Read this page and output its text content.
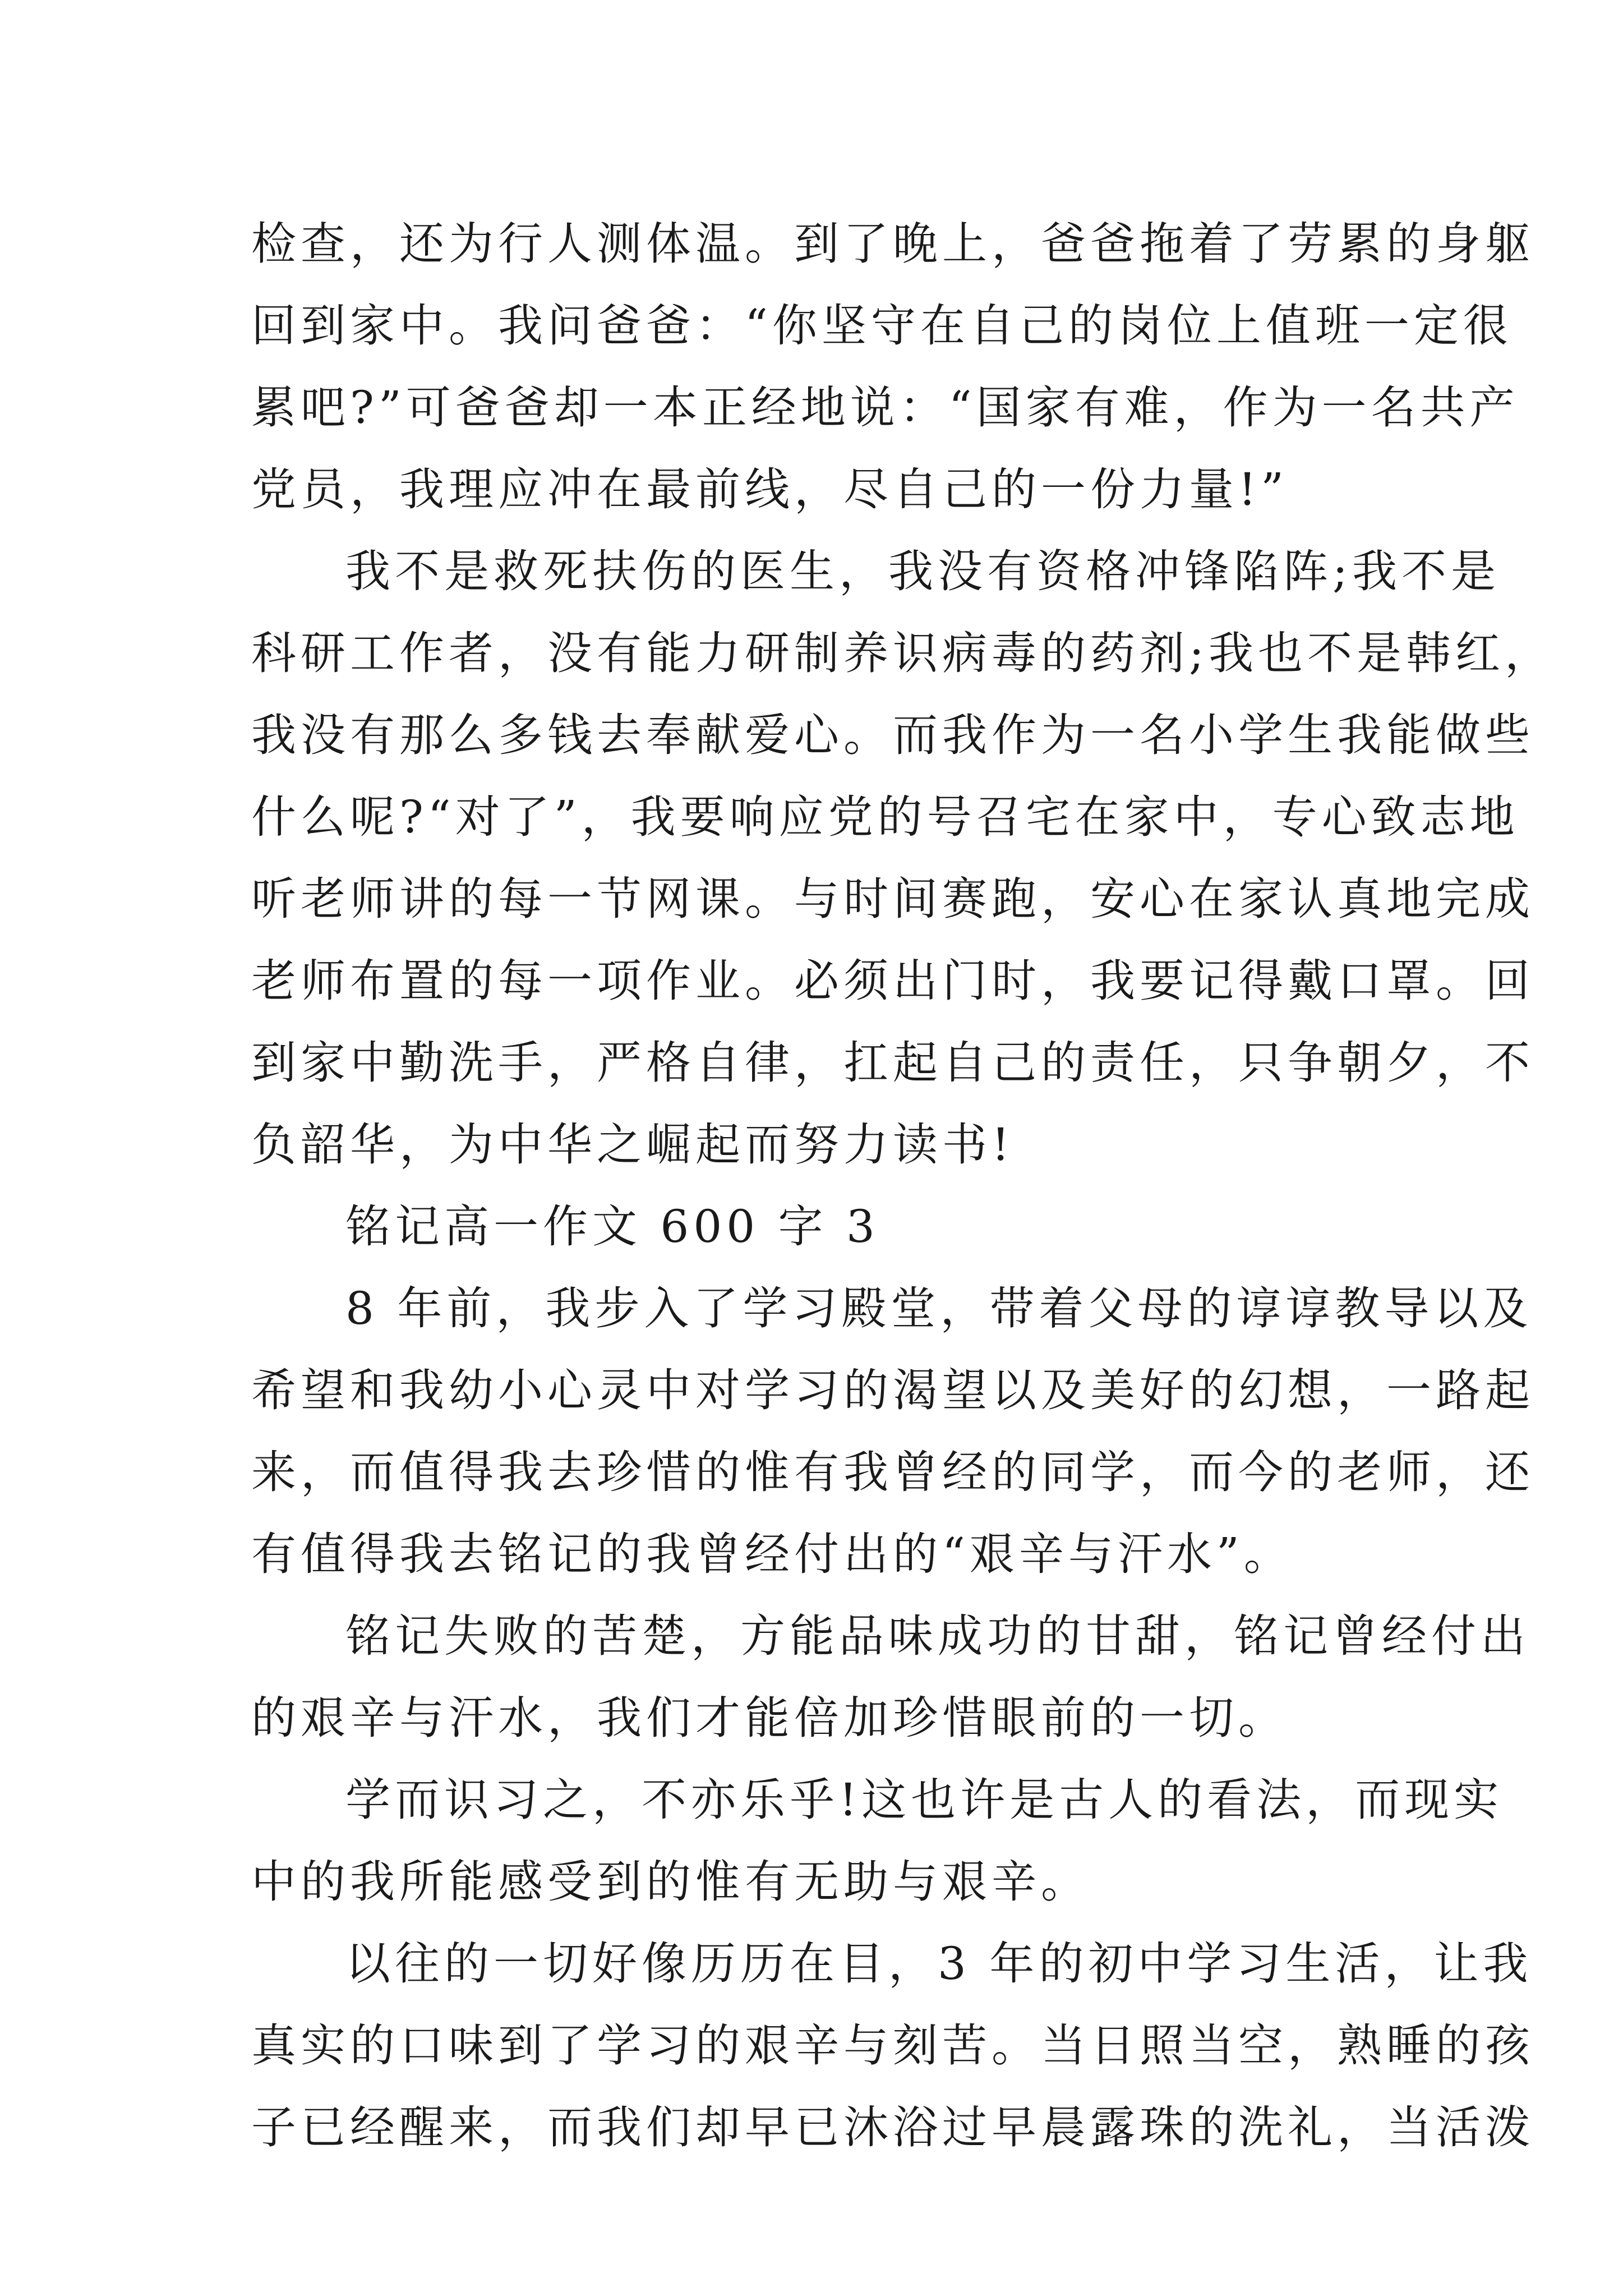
检查，还为行人测体温。到了晚上，爸爸拖着了劳累的身躯
回到家中。我问爸爸：“你坚守在自己的岗位上值班一定很
累吧?”可爸爸却一本正经地说：“国家有难，作为一名共产
党员，我理应冲在最前线，尽自己的一份力量!”
我不是救死扶伤的医生，我没有资格冲锋陷阵;我不是
科研工作者，没有能力研制养识病毒的药剂;我也不是韩红，
我没有那么多钱去奉献爱心。而我作为一名小学生我能做些
什么呢?“对了”，我要响应党的号召宅在家中，专心致志地
听老师讲的每一节网课。与时间赛跑，安心在家认真地完成
老师布置的每一项作业。必须出门时，我要记得戴口罩。回
到家中勤洗手，严格自律，扛起自己的责任，只争朝夕，不
负韶华，为中华之崛起而努力读书!
铭记高一作文 600 字 3
8 年前，我步入了学习殿堂，带着父母的谆谆教导以及
希望和我幼小心灵中对学习的渴望以及美好的幻想，一路起
来，而值得我去珍惜的惟有我曾经的同学，而今的老师，还
有值得我去铭记的我曾经付出的“艰辛与汗水”。
铭记失败的苦楚，方能品味成功的甘甜，铭记曾经付出
的艰辛与汗水，我们才能倍加珍惜眼前的一切。
学而识习之，不亦乐乎!这也许是古人的看法，而现实
中的我所能感受到的惟有无助与艰辛。
以往的一切好像历历在目，3 年的初中学习生活，让我
真实的口味到了学习的艰辛与刻苦。当日照当空，熟睡的孩
子已经醒来，而我们却早已沐浴过早晨露珠的洗礼，当活泼
